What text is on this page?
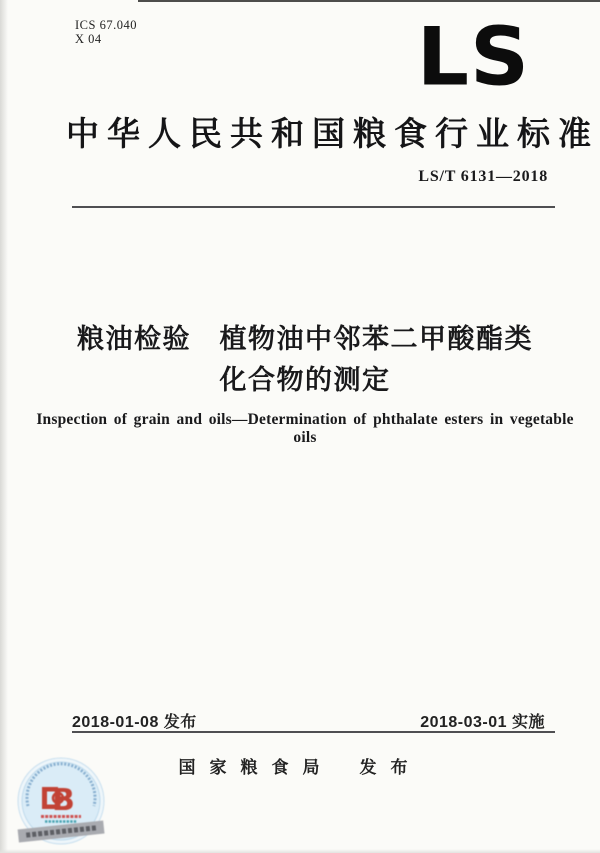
ICS 67.040
X 04	LS
中华人民共和国粮食行业标准
LS/T 6131—2018
粮油检验　植物油中邻苯二甲酸酯类
化合物的测定
Inspection of grain and oils—Determination of phthalate esters in vegetable oils
2018-01-08 发布	2018-03-01 实施
国家粮食局 发布
B
